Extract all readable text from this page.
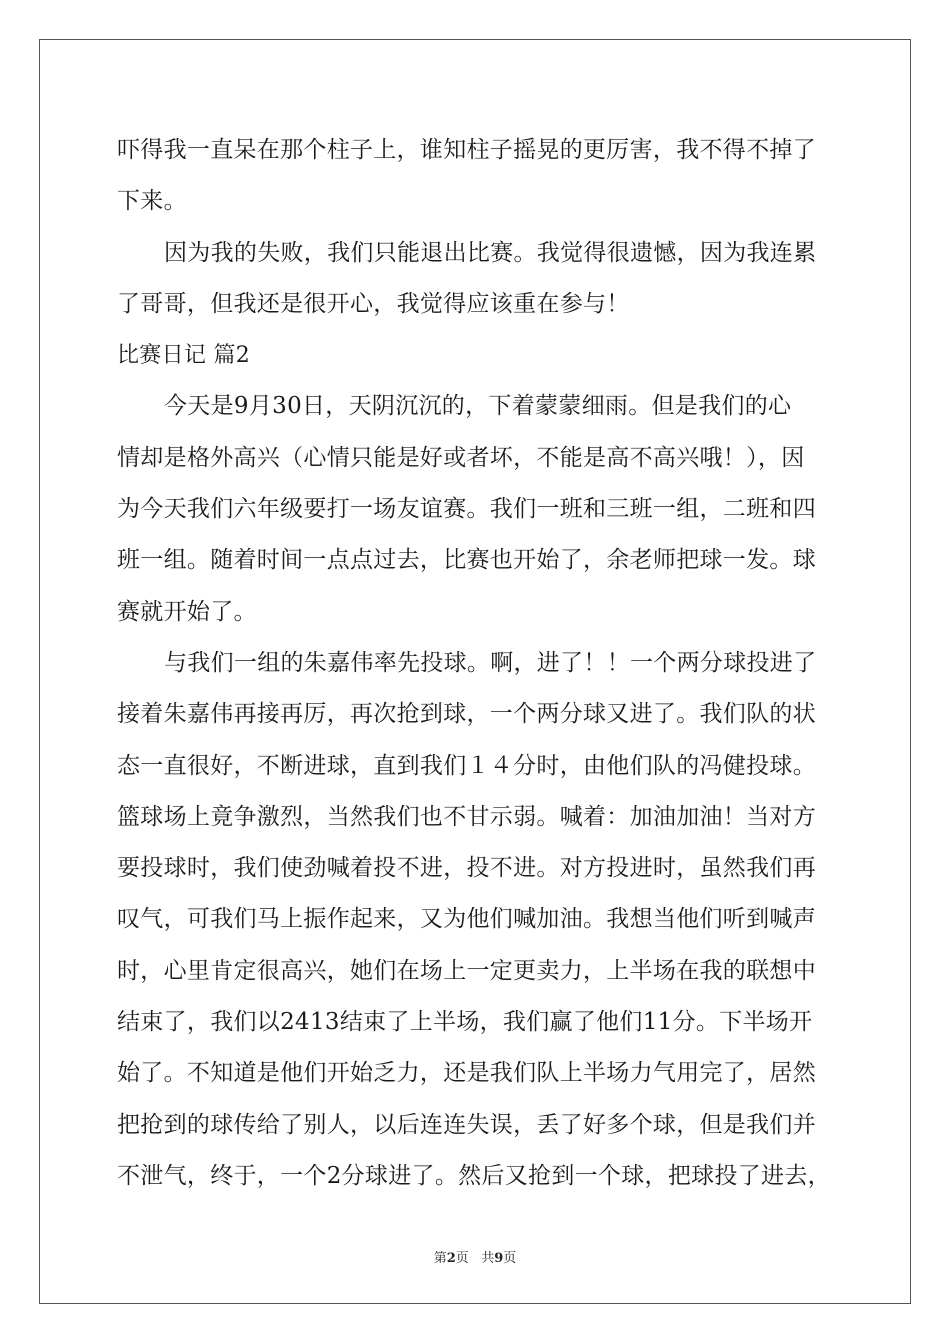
吓得我一直呆在那个柱子上，谁知柱子摇晃的更厉害，我不得不掉了
下来。
因为我的失败，我们只能退出比赛。我觉得很遗憾，因为我连累
了哥哥，但我还是很开心，我觉得应该重在参与！
比赛日记 篇2
今天是9月30日，天阴沉沉的，下着蒙蒙细雨。但是我们的心
情却是格外高兴（心情只能是好或者坏，不能是高不高兴哦！），因
为今天我们六年级要打一场友谊赛。我们一班和三班一组，二班和四
班一组。随着时间一点点过去，比赛也开始了，余老师把球一发。球
赛就开始了。
与我们一组的朱嘉伟率先投球。啊，进了！！一个两分球投进了
接着朱嘉伟再接再厉，再次抢到球，一个两分球又进了。我们队的状
态一直很好，不断进球，直到我们１４分时，由他们队的冯健投球。
篮球场上竟争激烈，当然我们也不甘示弱。喊着：加油加油！当对方
要投球时，我们使劲喊着投不进，投不进。对方投进时，虽然我们再
叹气，可我们马上振作起来，又为他们喊加油。我想当他们听到喊声
时，心里肯定很高兴，她们在场上一定更卖力，上半场在我的联想中
结束了，我们以2413结束了上半场，我们赢了他们11分。下半场开
始了。不知道是他们开始乏力，还是我们队上半场力气用完了，居然
把抢到的球传给了别人，以后连连失误，丢了好多个球，但是我们并
不泄气，终于，一个2分球进了。然后又抢到一个球，把球投了进去，
第2页 共9页
